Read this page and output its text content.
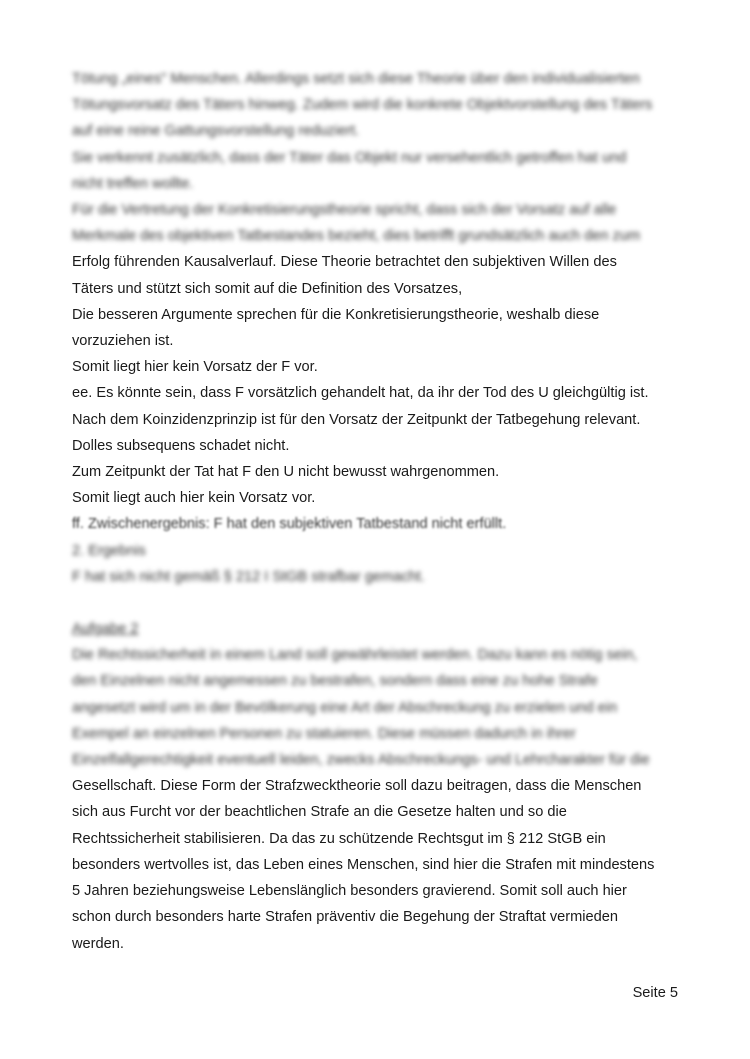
Tötung „eines" Menschen. Allerdings setzt sich diese Theorie über den individualisierten
Tötungsvorsatz des Täters hinweg. Zudem wird die konkrete Objektvorstellung des Täters
auf eine reine Gattungsvorstellung reduziert.
Sie verkennt zusätzlich, dass der Täter das Objekt nur versehentlich getroffen hat und
nicht treffen wollte.
Für die Vertretung der Konkretisierungstheorie spricht, dass sich der Vorsatz auf alle
Merkmale des objektiven Tatbestandes bezieht, dies betrifft grundsätzlich auch den zum
Erfolg führenden Kausalverlauf. Diese Theorie betrachtet den subjektiven Willen des
Täters und stützt sich somit auf die Definition des Vorsatzes,
Die besseren Argumente sprechen für die Konkretisierungstheorie, weshalb diese
vorzuziehen ist.
Somit liegt hier kein Vorsatz der F vor.
ee. Es könnte sein, dass F vorsätzlich gehandelt hat, da ihr der Tod des U gleichgültig ist.
Nach dem Koinzidenzprinzip ist für den Vorsatz der Zeitpunkt der Tatbegehung relevant.
Dolles subsequens schadet nicht.
Zum Zeitpunkt der Tat hat F den U nicht bewusst wahrgenommen.
Somit liegt auch hier kein Vorsatz vor.
ff. Zwischenergebnis: F hat den subjektiven Tatbestand nicht erfüllt.
2. Ergebnis
F hat sich nicht gemäß § 212 I StGB strafbar gemacht.
Aufgabe 2
Die Rechtssicherheit in einem Land soll gewährleistet werden. Dazu kann es nötig sein,
den Einzelnen nicht angemessen zu bestrafen, sondern dass eine zu hohe Strafe
angesetzt wird um in der Bevölkerung eine Art der Abschreckung zu erzielen und ein
Exempel an einzelnen Personen zu statuieren. Diese müssen dadurch in ihrer
Einzelfallgerechtigkeit eventuell leiden, zwecks Abschreckungs- und Lehrcharakter für die
Gesellschaft. Diese Form der Strafzwecktheorie soll dazu beitragen, dass die Menschen
sich aus Furcht vor der beachtlichen Strafe an die Gesetze halten und so die
Rechtssicherheit stabilisieren. Da das zu schützende Rechtsgut im § 212 StGB ein
besonders wertvolles ist, das Leben eines Menschen, sind hier die Strafen mit mindestens
5 Jahren beziehungsweise Lebenslänglich besonders gravierend. Somit soll auch hier
schon durch besonders harte Strafen präventiv die Begehung der Straftat vermieden
werden.
Seite 5
